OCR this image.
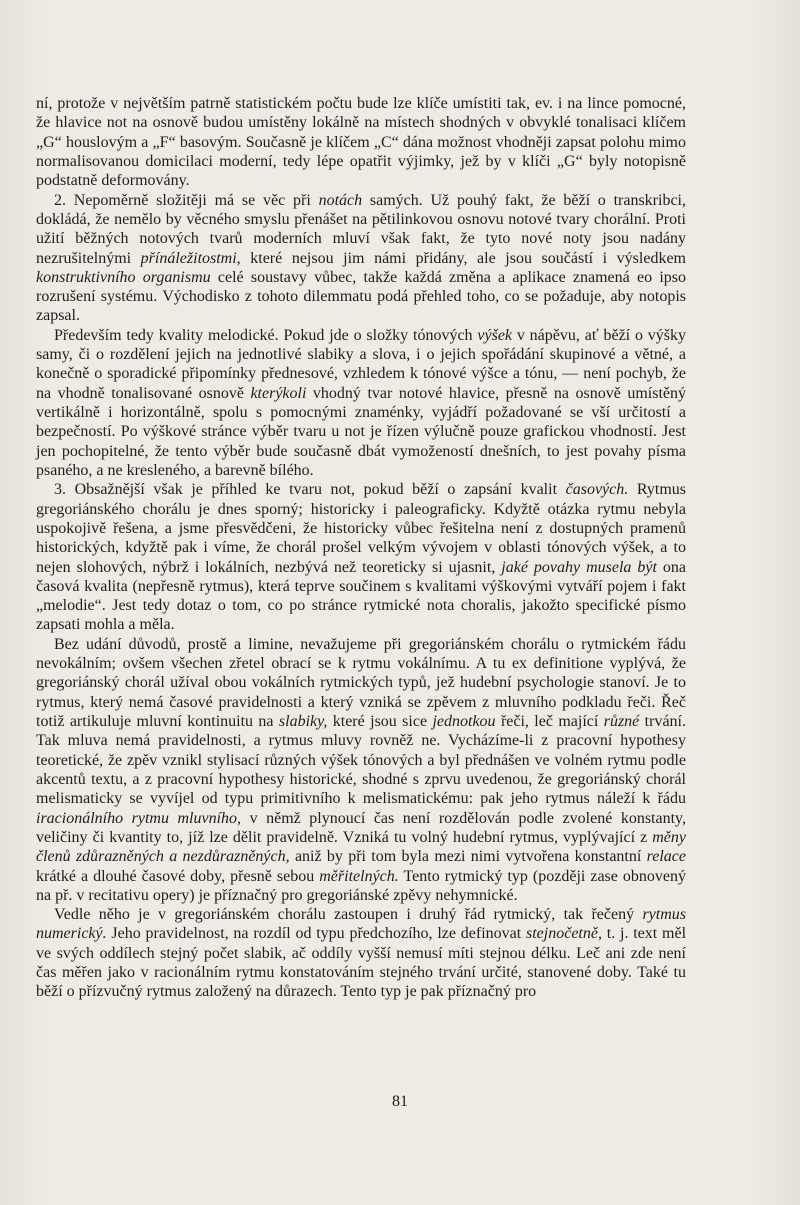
ní, protože v největším patrně statistickém počtu bude lze klíče umístiti tak, ev. i na lince pomocné, že hlavice not na osnově budou umístěny lokálně na místech shodných v obvyklé tonalisaci klíčem „G“ houslovým a „F“ basovým. Současně je klíčem „C“ dána možnost vhodněji zapsat polohu mimo normalisovanou domicilaci moderní, tedy lépe opatřit výjimky, jež by v klíči „G“ byly notopisně podstatně deformovány.

2. Nepoměrně složitěji má se věc při notách samých. Už pouhý fakt, že běží o transkribci, dokládá, že nemělo by věcného smyslu přenášet na pětilinkovou osnovu notové tvary chorální. Proti užití běžných notových tvarů moderních mluví však fakt, že tyto nové noty jsou nadány nezrušitelnými přínáležitostmi, které nejsou jim námi přidány, ale jsou součástí i výsledkem konstruktivního organismu celé soustavy vůbec, takže každá změna a aplikace znamená eo ipso rozrušení systému. Východisko z tohoto dilemmatu podá přehled toho, co se požaduje, aby notopis zapsal.

Především tedy kvality melodické. Pokud jde o složky tónových výšek v nápěvu, ať běží o výšky samy, či o rozdělení jejich na jednotlivé slabiky a slova, i o jejich spořádání skupinové a větné, a konečně o sporadické připomínky přednesové, vzhledem k tónové výšce a tónu, — není pochyb, že na vhodně tonalisované osnově kterýkoli vhodný tvar notové hlavice, přesně na osnově umístěný vertikálně i horizontálně, spolu s pomocnými znaménky, vyjádří požadované se vší určitostí a bezpečností. Po výškové stránce výběr tvaru u not je řízen výlučně pouze grafickou vhodností. Jest jen pochopitelné, že tento výběr bude současně dbát vymožeností dnešních, to jest povahy písma psaného, a ne kresleného, a barevně bílého.

3. Obsažnější však je příhled ke tvaru not, pokud běží o zapsání kvalit časových. Rytmus gregoriánského chorálu je dnes sporný; historicky i paleograficky. Kdyžtě otázka rytmu nebyla uspokojivě řešena, a jsme přesvědčeni, že historicky vůbec řešitelna není z dostupných pramenů historických, kdyžtě pak i víme, že chorál prošel velkým vývojem v oblasti tónových výšek, a to nejen slohových, nýbrž i lokálních, nezbývá než teoreticky si ujasnit, jaké povahy musela být ona časová kvalita (nepřesně rytmus), která teprve součinem s kvalitami výškovými vytváří pojem i fakt „melodie“. Jest tedy dotaz o tom, co po stránce rytmické nota choralis, jakožto specifické písmo zapsati mohla a měla.

Bez udání důvodů, prostě a limine, nevažujeme při gregoriánském chorálu o rytmickém řádu nevokálním; ovšem všechen zřetel obrací se k rytmu vokálnímu. A tu ex definitione vyplývá, že gregoriánský chorál užíval obou vokálních rytmických typů, jež hudební psychologie stanoví. Je to rytmus, který nemá časové pravidelnosti a který vzniká se zpěvem z mluvního podkladu řeči. Řeč totiž artikuluje mluvní kontinuitu na slabiky, které jsou sice jednotkou řeči, leč mající různé trvání. Tak mluva nemá pravidelnosti, a rytmus mluvy rovněž ne. Vycházíme-li z pracovní hypothesy teoretické, že zpěv vznikl stylisací různých výšek tónových a byl přednášen ve volném rytmu podle akcentů textu, a z pracovní hypothesy historické, shodné s zprvu uvedenou, že gregoriánský chorál melismaticky se vyvíjel od typu primitivního k melismatickému: pak jeho rytmus náleží k řádu iracionálního rytmu mluvního, v němž plynoucí čas není rozdělován podle zvolené konstanty, veličiny či kvantity to, jíž lze dělit pravidelně. Vzniká tu volný hudební rytmus, vyplývající z měny členů zdůrazněných a nezdůrazněných, aniž by při tom byla mezi nimi vytvořena konstantní relace krátké a dlouhé časové doby, přesně sebou měřitelných. Tento rytmický typ (později zase obnovený na př. v recitativu opery) je příznačný pro gregoriánské zpěvy nehymnické.

Vedle něho je v gregoriánském chorálu zastoupen i druhý řád rytmický, tak řečený rytmus numerický. Jeho pravidelnost, na rozdíl od typu předchozího, lze definovat stejnočetně, t. j. text měl ve svých oddílech stejný počet slabik, ač oddíly vyšší nemusí míti stejnou délku. Leč ani zde není čas měřen jako v racionálním rytmu konstatováním stejného trvání určité, stanovené doby. Také tu běží o přízvučný rytmus založený na důrazech. Tento typ je pak příznačný pro

81
